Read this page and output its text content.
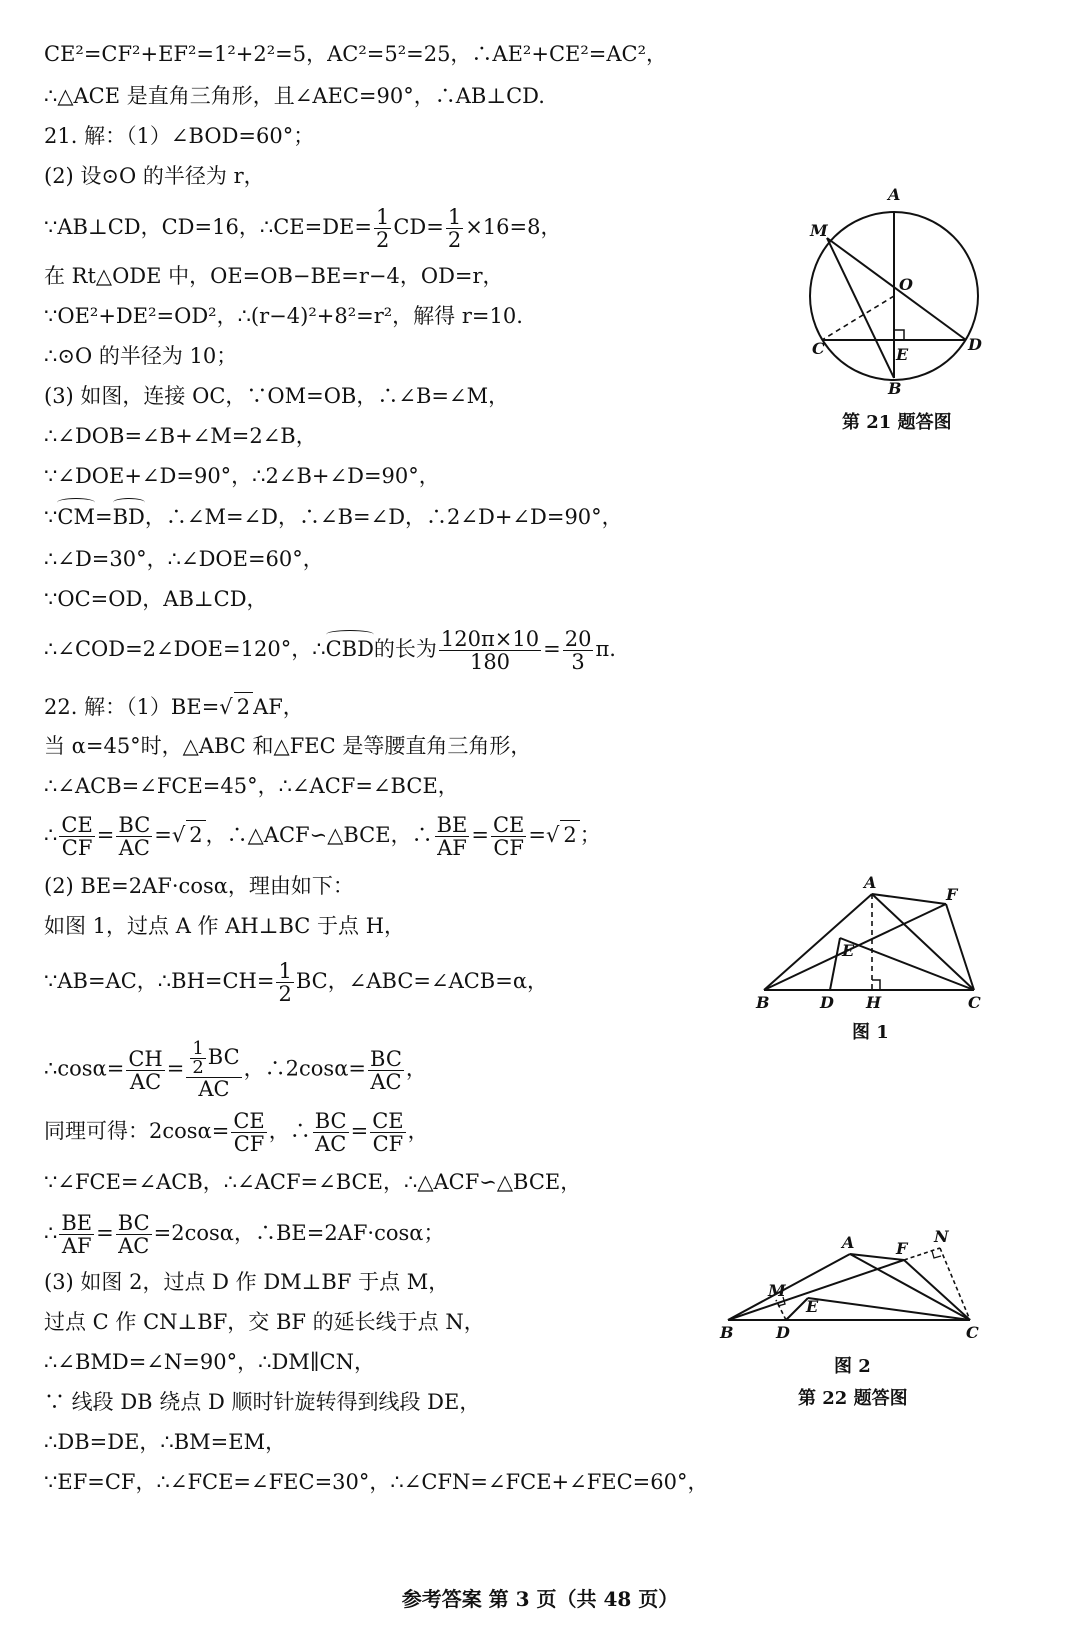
CE²=CF²+EF²=1²+2²=5，AC²=5²=25，∴AE²+CE²=AC²，
∴△ACE 是直角三角形，且∠AEC=90°，∴AB⊥CD.
21. 解：（1）∠BOD=60°；
(2) 设⊙O 的半径为 r，
∵AB⊥CD，CD=16，∴CE=DE= $\frac{1}{2} CD= \frac{1}{2} \times 16=8$，
在 Rt△ODE 中，OE=OB−BE=r−4，OD=r，
∵OE²+DE²=OD²，∴(r−4)²+8²=r²，解得 r=10.
∴⊙O 的半径为 10；
(3) 如图，连接 OC，∵OM=OB，∴∠B=∠M，
∴∠DOB=∠B+∠M=2∠B，
∵∠DOE+∠D=90°，∴2∠B+∠D=90°，
∵CM=BD，∴∠M=∠D，∴∠B=∠D，∴2∠D+∠D=90°，
∴∠D=30°，∴∠DOE=60°，
∵OC=OD，AB⊥CD，
∴∠COD=2∠DOE=120°，∴CBD的长为 $\frac{120\pi\times 10}{180} = \frac{20}{3} \pi$.
22. 解：（1）BE=√ 2 AF，
当 α=45°时，△ABC 和△FEC 是等腰直角三角形，
∴∠ACB=∠FCE=45°，∴∠ACF=∠BCE，
∴ $\frac{CE}{CF} = \frac{BC}{AC}$ =√ 2 ，∴△ACF∽△BCE，∴ $\frac{BE}{AF} = \frac{CE}{CF}$ =√ 2 ；
(2) BE=2AF·cosα，理由如下：
如图 1，过点 A 作 AH⊥BC 于点 H，
∵AB=AC，∴BH=CH= $\frac{1}{2}$ BC，∠ABC=∠ACB=α，
∴cosα= $\frac{CH}{AC} = \frac{\frac{1}{2} BC}{AC}$ ，∴2cosα= $\frac{BC}{AC}$ ，
同理可得：$2\cos\alpha= \frac{CE}{CF}$ ，∴ $\frac{BC}{AC} = \frac{CE}{CF}$ ，
∵∠FCE=∠ACB，∴∠ACF=∠BCE，∴△ACF∽△BCE，
∴ $\frac{BE}{AF} = \frac{BC}{AC} =2\cos\alpha$，∴BE=2AF·cosα；
(3) 如图 2，过点 D 作 DM⊥BF 于点 M，
过点 C 作 CN⊥BF，交 BF 的延长线于点 N，
∴∠BMD=∠N=90°，∴DM∥CN，
∵ 线段 DB 绕点 D 顺时针旋转得到线段 DE，
∴DB=DE，∴BM=EM，
∵EF=CF，∴∠FCE=∠FEC=30°，∴∠CFN=∠FCE+∠FEC=60°，
A
M
O
C	E
D
B
第 21 题答图
A
F
E
B	D H	C
图 1
A	F
N
M
E
B	D	C
图 2
第 22 题答图
参考答案 第 3 页（共 48 页）
